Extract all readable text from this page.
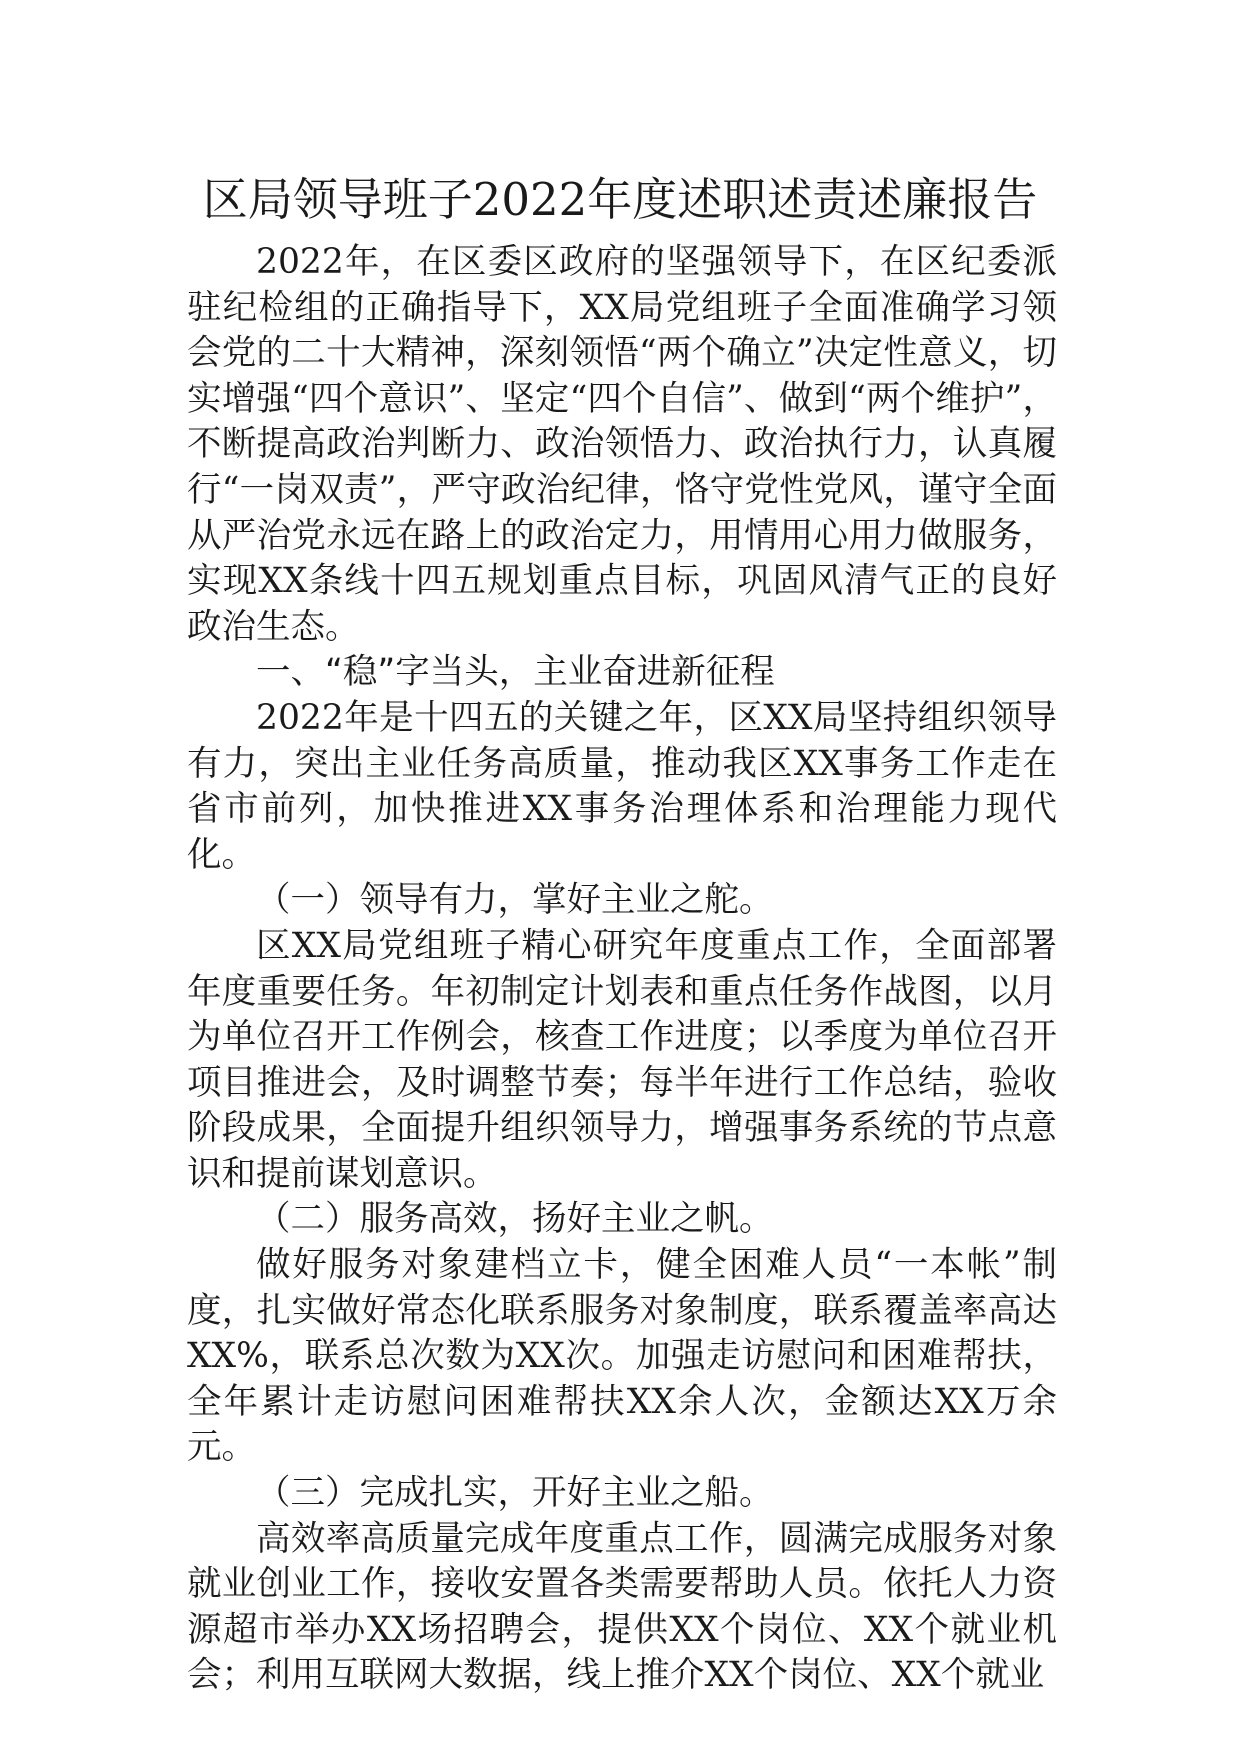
区局领导班子2022年度述职述责述廉报告

2022年，在区委区政府的坚强领导下，在区纪委派驻纪检组的正确指导下，XX局党组班子全面准确学习领会党的二十大精神，深刻领悟“两个确立”决定性意义，切实增强“四个意识”、坚定“四个自信”、做到“两个维护”，不断提高政治判断力、政治领悟力、政治执行力，认真履行“一岗双责”，严守政治纪律，恪守党性党风，谨守全面从严治党永远在路上的政治定力，用情用心用力做服务，实现XX条线十四五规划重点目标，巩固风清气正的良好政治生态。

一、“稳”字当头，主业奋进新征程

2022年是十四五的关键之年，区XX局坚持组织领导有力，突出主业任务高质量，推动我区XX事务工作走在省市前列，加快推进XX事务治理体系和治理能力现代化。

（一）领导有力，掌好主业之舵。

区XX局党组班子精心研究年度重点工作，全面部署年度重要任务。年初制定计划表和重点任务作战图，以月为单位召开工作例会，核查工作进度；以季度为单位召开项目推进会，及时调整节奏；每半年进行工作总结，验收阶段成果，全面提升组织领导力，增强事务系统的节点意识和提前谋划意识。

（二）服务高效，扬好主业之帆。

做好服务对象建档立卡，健全困难人员“一本帐”制度，扎实做好常态化联系服务对象制度，联系覆盖率高达XX%，联系总次数为XX次。加强走访慰问和困难帮扶，全年累计走访慰问困难帮扶XX余人次，金额达XX万余元。

（三）完成扎实，开好主业之船。

高效率高质量完成年度重点工作，圆满完成服务对象就业创业工作，接收安置各类需要帮助人员。依托人力资源超市举办XX场招聘会，提供XX个岗位、XX个就业机会；利用互联网大数据，线上推介XX个岗位、XX个就业
